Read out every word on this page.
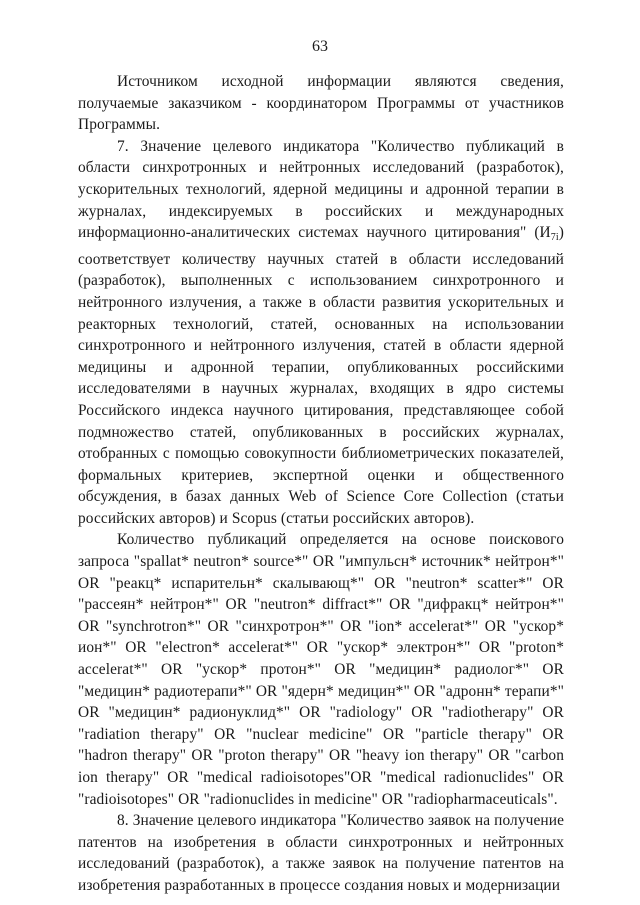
63

Источником исходной информации являются сведения, получаемые заказчиком - координатором Программы от участников Программы.

7. Значение целевого индикатора "Количество публикаций в области синхротронных и нейтронных исследований (разработок), ускорительных технологий, ядерной медицины и адронной терапии в журналах, индексируемых в российских и международных информационно-аналитических системах научного цитирования" $(И_{7i})$ соответствует количеству научных статей в области исследований (разработок), выполненных с использованием синхротронного и нейтронного излучения, а также в области развития ускорительных и реакторных технологий, статей, основанных на использовании синхротронного и нейтронного излучения, статей в области ядерной медицины и адронной терапии, опубликованных российскими исследователями в научных журналах, входящих в ядро системы Российского индекса научного цитирования, представляющее собой подмножество статей, опубликованных в российских журналах, отобранных с помощью совокупности библиометрических показателей, формальных критериев, экспертной оценки и общественного обсуждения, в базах данных Web of Science Core Collection (статьи российских авторов) и Scopus (статьи российских авторов).

Количество публикаций определяется на основе поискового запроса "spallat* neutron* source*" OR "импульсн* источник* нейтрон*" OR "реакц* испарительн* скалывающ*" OR "neutron* scatter*" OR "рассеян* нейтрон*" OR "neutron* diffract*" OR "дифракц* нейтрон*" OR "synchrotron*" OR "синхротрон*" OR "ion* accelerat*" OR "ускор* ион*" OR "electron* accelerat*" OR "ускор* электрон*" OR "proton* accelerat*" OR "ускор* протон*" OR "медицин* радиолог*" OR "медицин* радиотерапи*" OR "ядерн* медицин*" OR "адронн* терапи*" OR "медицин* радионуклид*" OR "radiology" OR "radiotherapy" OR "radiation therapy" OR "nuclear medicine" OR "particle therapy" OR "hadron therapy" OR "proton therapy" OR "heavy ion therapy" OR "carbon ion therapy" OR "medical radioisotopes"OR "medical radionuclides" OR "radioisotopes" OR "radionuclides in medicine" OR "radiopharmaceuticals".

8. Значение целевого индикатора "Количество заявок на получение патентов на изобретения в области синхротронных и нейтронных исследований (разработок), а также заявок на получение патентов на изобретения разработанных в процессе создания новых и модернизации
